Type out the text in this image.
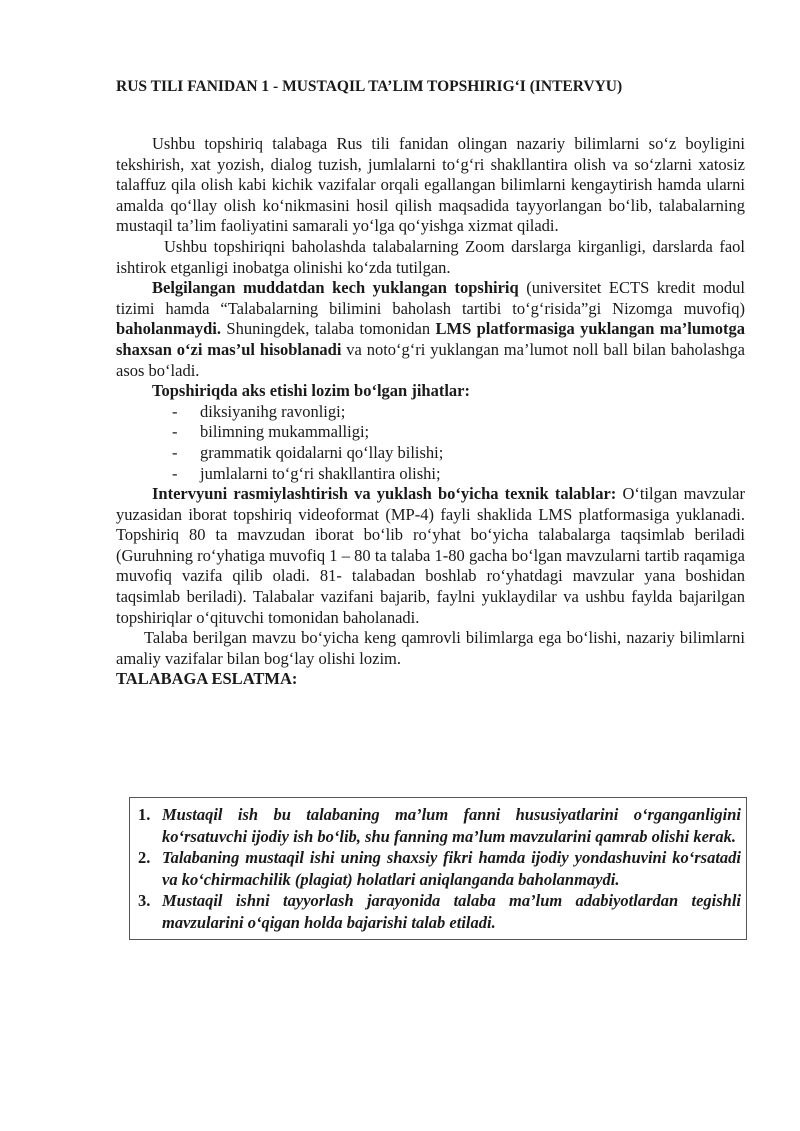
RUS TILI FANIDAN 1 - MUSTAQIL TA’LIM TOPSHIRIG‘I (INTERVYU)

Ushbu topshiriq talabaga Rus tili fanidan olingan nazariy bilimlarni so‘z boyligini tekshirish, xat yozish, dialog tuzish, jumlalarni to‘g‘ri shakllantira olish va so‘zlarni xatosiz talaffuz qila olish kabi kichik vazifalar orqali egallangan bilimlarni kengaytirish hamda ularni amalda qo‘llay olish ko‘nikmasini hosil qilish maqsadida tayyorlangan bo‘lib, talabalarning mustaqil ta’lim faoliyatini samarali yo‘lga qo‘yishga xizmat qiladi.

Ushbu topshiriqni baholashda talabalarning Zoom darslarga kirganligi, darslarda faol ishtirok etganligi inobatga olinishi ko‘zda tutilgan.

Belgilangan muddatdan kech yuklangan topshiriq (universitet ECTS kredit modul tizimi hamda “Talabalarning bilimini baholash tartibi to‘g‘risida”gi Nizomga muvofiq) baholanmaydi. Shuningdek, talaba tomonidan LMS platformasiga yuklangan ma’lumotga shaxsan o‘zi mas’ul hisoblanadi va noto‘g‘ri yuklangan ma’lumot noll ball bilan baholashga asos bo‘ladi.

Topshiriqda aks etishi lozim bo‘lgan jihatlar:

- diksiyanihg ravonligi;
- bilimning mukammalligi;
- grammatik qoidalarni qo‘llay bilishi;
- jumlalarni to‘g‘ri shakllantira olishi;

Intervyuni rasmiylashtirish va yuklash bo‘yicha texnik talablar: O‘tilgan mavzular yuzasidan iborat topshiriq videoformat (MP-4) fayli shaklida LMS platformasiga yuklanadi. Topshiriq 80 ta mavzudan iborat bo‘lib ro‘yhat bo‘yicha talabalarga taqsimlab beriladi (Guruhning ro‘yhatiga muvofiq 1 – 80 ta talaba 1-80 gacha bo‘lgan mavzularni tartib raqamiga muvofiq vazifa qilib oladi. 81- talabadan boshlab ro‘yhatdagi mavzular yana boshidan taqsimlab beriladi). Talabalar vazifani bajarib, faylni yuklaydilar va ushbu faylda bajarilgan topshiriqlar o‘qituvchi tomonidan baholanadi.

Talaba berilgan mavzu bo‘yicha keng qamrovli bilimlarga ega bo‘lishi, nazariy bilimlarni amaliy vazifalar bilan bog‘lay olishi lozim.

TALABAGA ESLATMA:

1. Mustaqil ish bu talabaning ma’lum fanni hususiyatlarini o‘rganganligini ko‘rsatuvchi ijodiy ish bo‘lib, shu fanning ma’lum mavzularini qamrab olishi kerak.
2. Talabaning mustaqil ishi uning shaxsiy fikri hamda ijodiy yondashuvini ko‘rsatadi va ko‘chirmachilik (plagiat) holatlari aniqlanganda baholanmaydi.
3. Mustaqil ishni tayyorlash jarayonida talaba ma’lum adabiyotlardan tegishli mavzularini o‘qigan holda bajarishi talab etiladi.
